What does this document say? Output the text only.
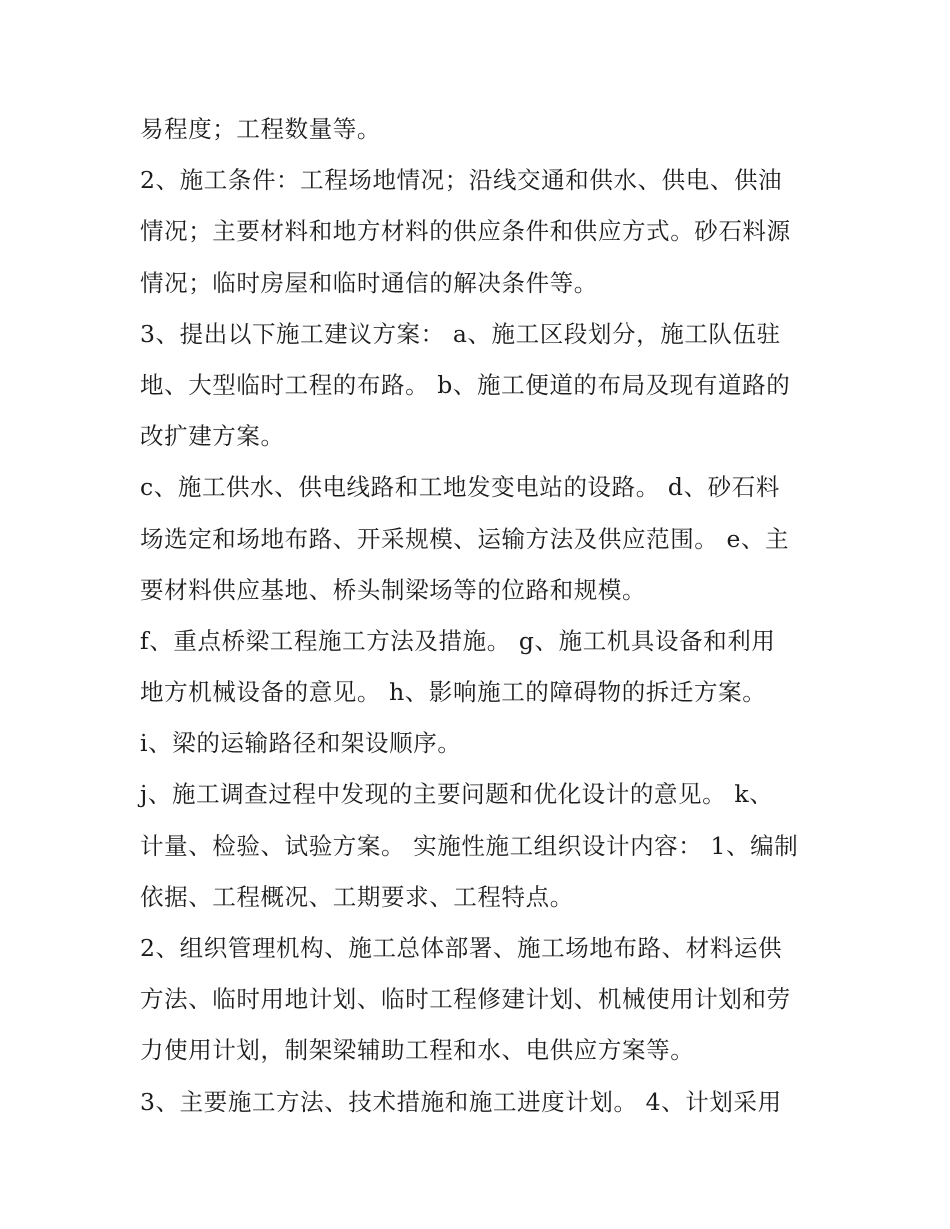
易程度；工程数量等。
2、施工条件：工程场地情况；沿线交通和供水、供电、供油
情况；主要材料和地方材料的供应条件和供应方式。砂石料源
情况；临时房屋和临时通信的解决条件等。
3、提出以下施工建议方案： a、施工区段划分，施工队伍驻
地、大型临时工程的布路。 b、施工便道的布局及现有道路的
改扩建方案。
c、施工供水、供电线路和工地发变电站的设路。 d、砂石料
场选定和场地布路、开采规模、运输方法及供应范围。 e、主
要材料供应基地、桥头制梁场等的位路和规模。
f、重点桥梁工程施工方法及措施。 g、施工机具设备和利用
地方机械设备的意见。 h、影响施工的障碍物的拆迁方案。
i、梁的运输路径和架设顺序。
j、施工调查过程中发现的主要问题和优化设计的意见。 k、
计量、检验、试验方案。 实施性施工组织设计内容： 1、编制
依据、工程概况、工期要求、工程特点。
2、组织管理机构、施工总体部署、施工场地布路、材料运供
方法、临时用地计划、临时工程修建计划、机械使用计划和劳
力使用计划，制架梁辅助工程和水、电供应方案等。
3、主要施工方法、技术措施和施工进度计划。 4、计划采用
